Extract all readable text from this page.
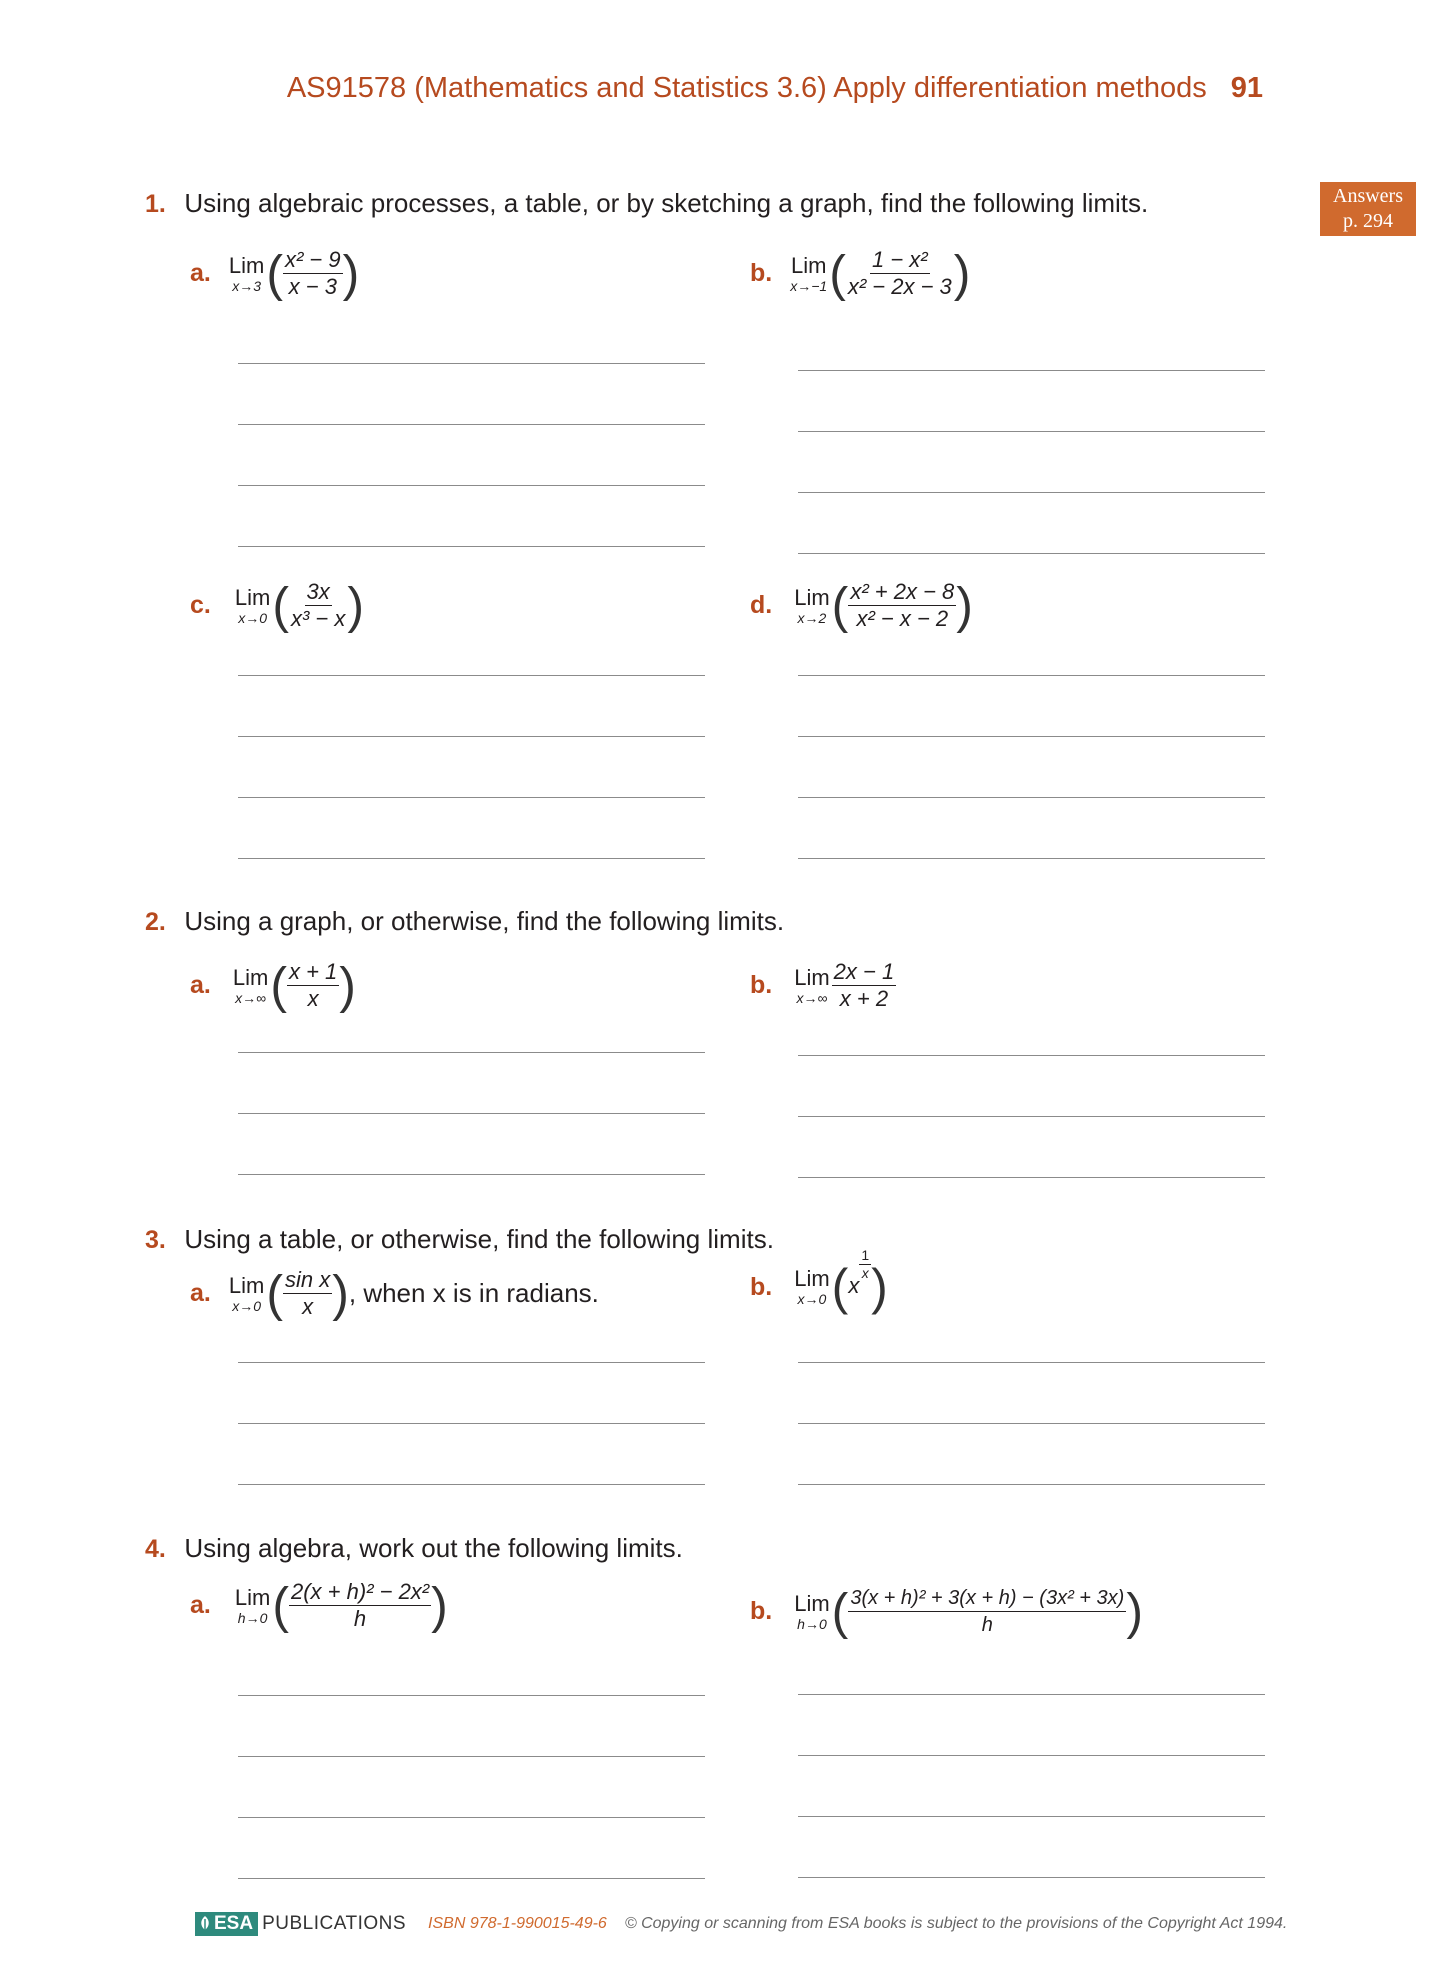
AS91578 (Mathematics and Statistics 3.6) Apply differentiation methods 91
Answers
p. 294
1. Using algebraic processes, a table, or by sketching a graph, find the following limits.
a. Lim
x→3 ( $\frac{\text{x² − 9}}{x - 3}$ )	b. Lim
x→−1 ( $\frac{\text{1 − x²}}{\text{x² − 2x − 3}}$ )
c. Lim
x→0 ( $\frac{3x}{\text{x³ − x}}$ )	d. Lim
x→2 ( $\frac{\text{x² + 2x − 8}}{\text{x² − x − 2}}$ )
2. Using a graph, or otherwise, find the following limits.
a. Lim
x→∞ ( $\frac{x + 1}{x}$ )	b. Lim
$x\to\infty \frac{2x - 1}{x + 2}$
3. Using a table, or otherwise, find the following limits.
a. Lim
x→0 ( $\frac{\text{sin x}}{x}$ ) , when x is in radians.	b. Lim
x→0 (x
$\frac{1}{x}$ )
4. Using algebra, work out the following limits.
a. Lim
h→0 ( $\frac{\text{2(x + h)² − 2x²}}{h}$ )	b. Lim
h→0 ( $\frac{\text{3(x + h)² + 3(x + h) − (3x² + 3x)}}{h}$ )
ESA PUBLICATIONS ISBN 978-1-990015-49-6 © Copying or scanning from ESA books is subject to the provisions of the Copyright Act 1994.
